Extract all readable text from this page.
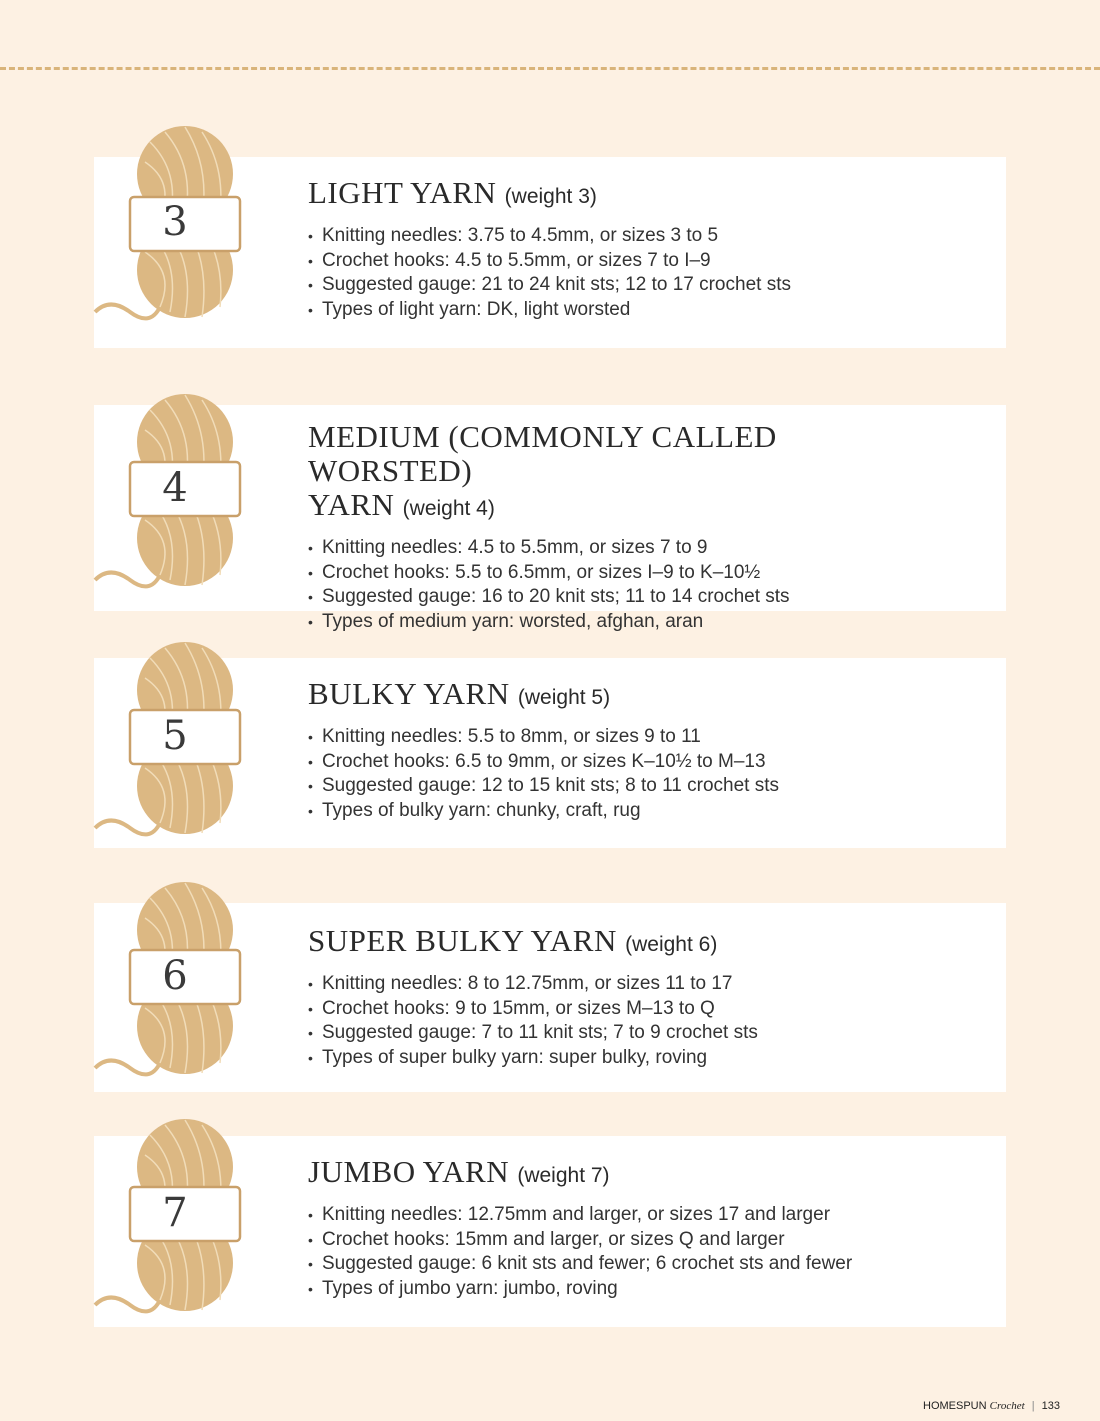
3
LIGHT YARN (weight 3)
• Knitting needles: 3.75 to 4.5mm, or sizes 3 to 5
• Crochet hooks: 4.5 to 5.5mm, or sizes 7 to I–9
• Suggested gauge: 21 to 24 knit sts; 12 to 17 crochet sts
• Types of light yarn: DK, light worsted
4
MEDIUM (COMMONLY CALLED WORSTED)
YARN (weight 4)
• Knitting needles: 4.5 to 5.5mm, or sizes 7 to 9
• Crochet hooks: 5.5 to 6.5mm, or sizes I–9 to K–10½
• Suggested gauge: 16 to 20 knit sts; 11 to 14 crochet sts
• Types of medium yarn: worsted, afghan, aran
5
BULKY YARN (weight 5)
• Knitting needles: 5.5 to 8mm, or sizes 9 to 11
• Crochet hooks: 6.5 to 9mm, or sizes K–10½ to M–13
• Suggested gauge: 12 to 15 knit sts; 8 to 11 crochet sts
• Types of bulky yarn: chunky, craft, rug
6
SUPER BULKY YARN (weight 6)
• Knitting needles: 8 to 12.75mm, or sizes 11 to 17
• Crochet hooks: 9 to 15mm, or sizes M–13 to Q
• Suggested gauge: 7 to 11 knit sts; 7 to 9 crochet sts
• Types of super bulky yarn: super bulky, roving
7
JUMBO YARN (weight 7)
• Knitting needles: 12.75mm and larger, or sizes 17 and larger
• Crochet hooks: 15mm and larger, or sizes Q and larger
• Suggested gauge: 6 knit sts and fewer; 6 crochet sts and fewer
• Types of jumbo yarn: jumbo, roving
HOMESPUN Crochet | 133
